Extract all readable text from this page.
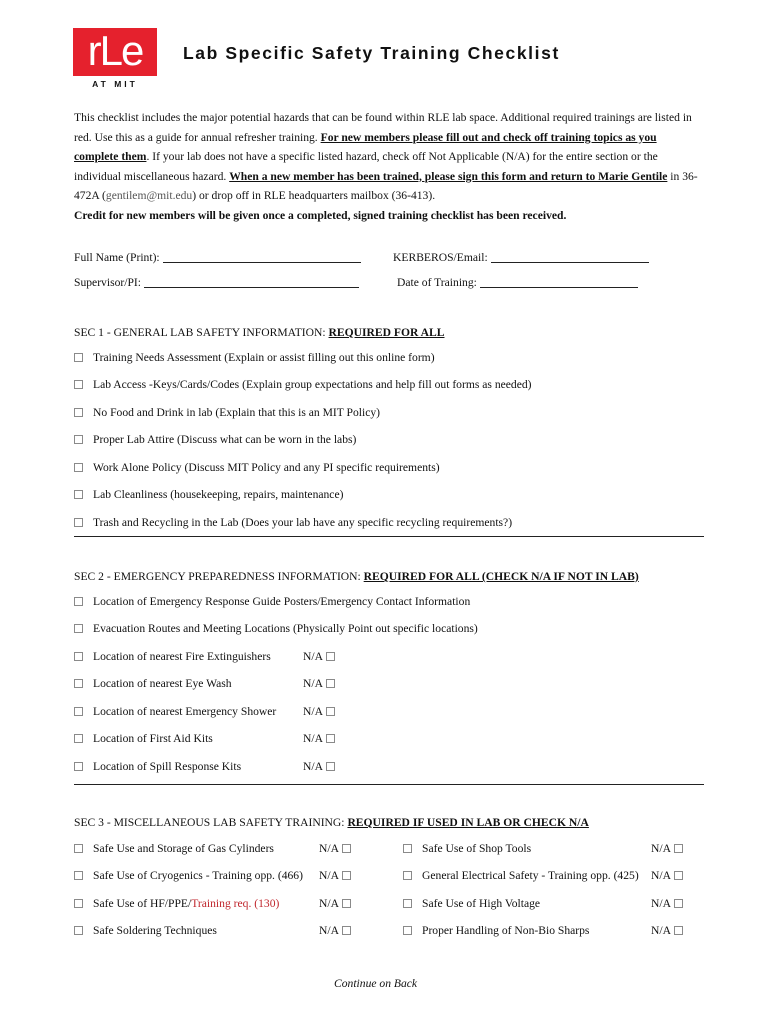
rLe
AT MIT
Lab Specific Safety Training Checklist
This checklist includes the major potential hazards that can be found within RLE lab space. Additional required trainings are listed in red. Use this as a guide for annual refresher training. For new members please fill out and check off training topics as you complete them. If your lab does not have a specific listed hazard, check off Not Applicable (N/A) for the entire section or the individual miscellaneous hazard. When a new member has been trained, please sign this form and return to Marie Gentile in 36-472A (gentilem@mit.edu) or drop off in RLE headquarters mailbox (36-413).
Credit for new members will be given once a completed, signed training checklist has been received.
Full Name (Print):	KERBEROS/Email:
Supervisor/PI:	Date of Training:
SEC 1 - GENERAL LAB SAFETY INFORMATION: REQUIRED FOR ALL
Training Needs Assessment (Explain or assist filling out this online form)
Lab Access -Keys/Cards/Codes (Explain group expectations and help fill out forms as needed)
No Food and Drink in lab (Explain that this is an MIT Policy)
Proper Lab Attire (Discuss what can be worn in the labs)
Work Alone Policy (Discuss MIT Policy and any PI specific requirements)
Lab Cleanliness (housekeeping, repairs, maintenance)
Trash and Recycling in the Lab (Does your lab have any specific recycling requirements?)
SEC 2 - EMERGENCY PREPAREDNESS INFORMATION: REQUIRED FOR ALL (CHECK N/A IF NOT IN LAB)
Location of Emergency Response Guide Posters/Emergency Contact Information
Evacuation Routes and Meeting Locations (Physically Point out specific locations)
Location of nearest Fire Extinguishers	N/A
Location of nearest Eye Wash	N/A
Location of nearest Emergency Shower N/A
Location of First Aid Kits	N/A
Location of Spill Response Kits	N/A
SEC 3 - MISCELLANEOUS LAB SAFETY TRAINING: REQUIRED IF USED IN LAB OR CHECK N/A
Safe Use and Storage of Gas Cylinders	N/A	Safe Use of Shop Tools	N/A
Safe Use of Cryogenics - Training opp. (466) N/A	General Electrical Safety - Training opp. (425) N/A
Safe Use of HF/PPE/Training req. (130)	N/A	Safe Use of High Voltage	N/A
Safe Soldering Techniques	N/A	Proper Handling of Non-Bio Sharps	N/A
Continue on Back
